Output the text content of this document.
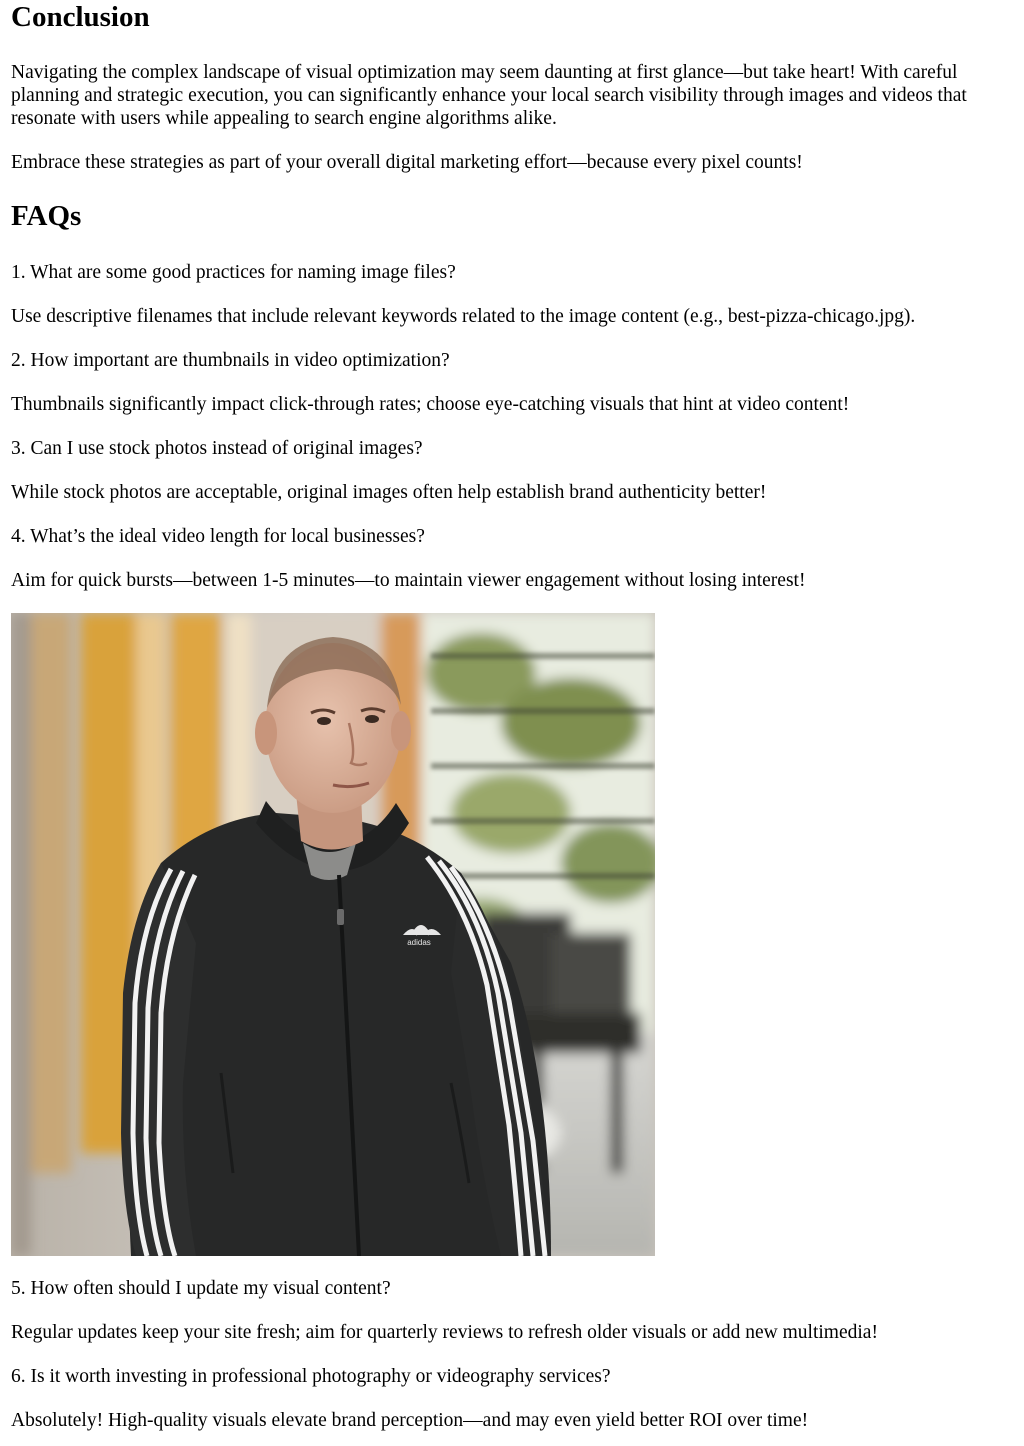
Conclusion

Navigating the complex landscape of visual optimization may seem daunting at first glance—but take heart! With careful planning and strategic execution, you can significantly enhance your local search visibility through images and videos that resonate with users while appealing to search engine algorithms alike.

Embrace these strategies as part of your overall digital marketing effort—because every pixel counts!

FAQs

1. What are some good practices for naming image files?

Use descriptive filenames that include relevant keywords related to the image content (e.g., best-pizza-chicago.jpg).

2. How important are thumbnails in video optimization?

Thumbnails significantly impact click-through rates; choose eye-catching visuals that hint at video content!

3. Can I use stock photos instead of original images?

While stock photos are acceptable, original images often help establish brand authenticity better!

4. What’s the ideal video length for local businesses?

Aim for quick bursts—between 1-5 minutes—to maintain viewer engagement without losing interest!

adidas

5. How often should I update my visual content?

Regular updates keep your site fresh; aim for quarterly reviews to refresh older visuals or add new multimedia!

6. Is it worth investing in professional photography or videography services?

Absolutely! High-quality visuals elevate brand perception—and may even yield better ROI over time!
